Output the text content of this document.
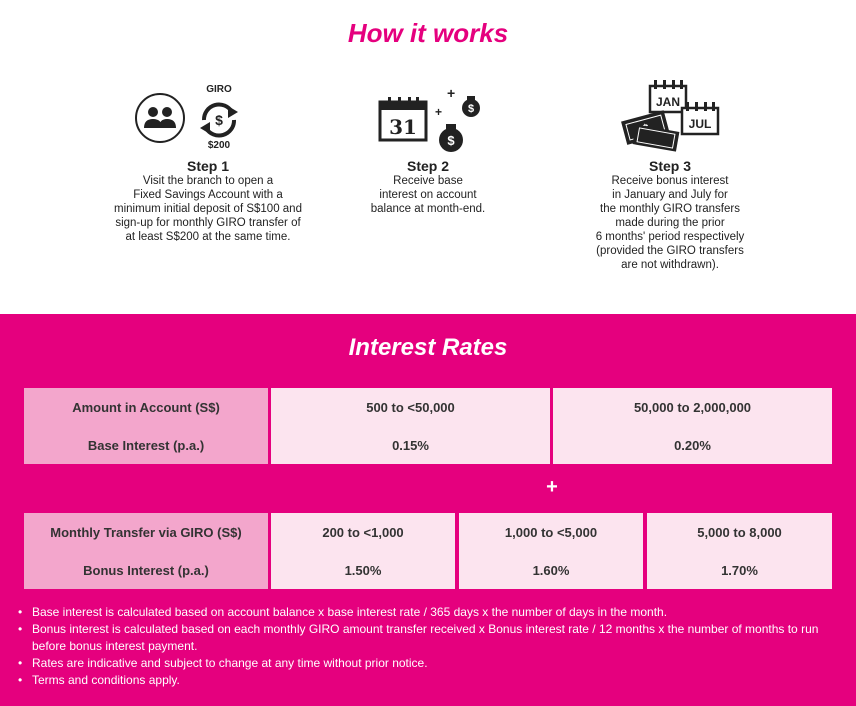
How it works
GIRO
$
$200
Step 1
Visit the branch to open a
Fixed Savings Account with a
minimum initial deposit of S$100 and
sign-up for monthly GIRO transfer of
at least S$200 at the same time.
31
+
+
$
$
Step 2
Receive base
interest on account
balance at month-end.
JAN
JUL
Step 3
Receive bonus interest
in January and July for
the monthly GIRO transfers
made during the prior
6 months' period respectively
(provided the GIRO transfers
are not withdrawn).
Interest Rates
Amount in Account (S$)	500 to <50,000	50,000 to 2,000,000
Base Interest (p.a.)	0.15%	0.20%
+
Monthly Transfer via GIRO (S$)	200 to <1,000	1,000 to <5,000	5,000 to 8,000
Bonus Interest (p.a.)	1.50%	1.60%	1.70%
• Base interest is calculated based on account balance x base interest rate / 365 days x the number of days in the month.
• Bonus interest is calculated based on each monthly GIRO amount transfer received x Bonus interest rate / 12 months x the number of months to run before bonus interest payment.
• Rates are indicative and subject to change at any time without prior notice.
• Terms and conditions apply.
